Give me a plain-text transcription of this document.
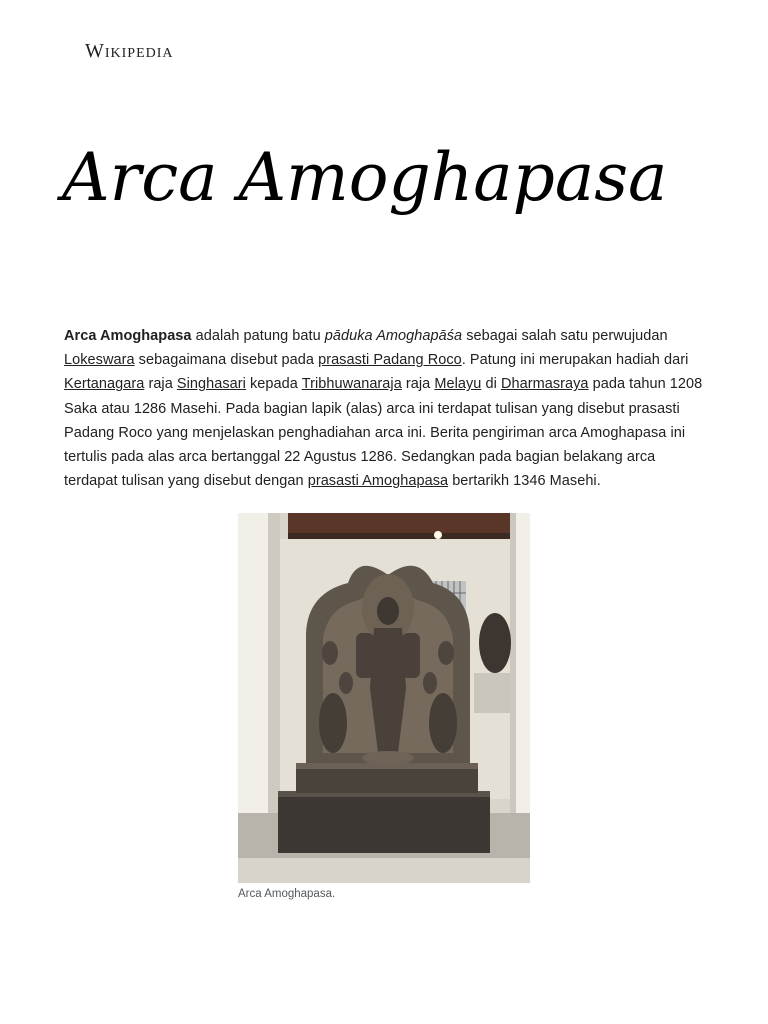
Wikipedia
Arca Amoghapasa

Arca Amoghapasa adalah patung batu pāduka Amoghapāśa sebagai salah satu perwujudan Lokeswara sebagaimana disebut pada prasasti Padang Roco. Patung ini merupakan hadiah dari Kertanagara raja Singhasari kepada Tribhuwanaraja raja Melayu di Dharmasraya pada tahun 1208 Saka atau 1286 Masehi. Pada bagian lapik (alas) arca ini terdapat tulisan yang disebut prasasti Padang Roco yang menjelaskan penghadiahan arca ini. Berita pengiriman arca Amoghapasa ini tertulis pada alas arca bertanggal 22 Agustus 1286. Sedangkan pada bagian belakang arca terdapat tulisan yang disebut dengan prasasti Amoghapasa bertarikh 1346 Masehi.

Arca Amoghapasa.
